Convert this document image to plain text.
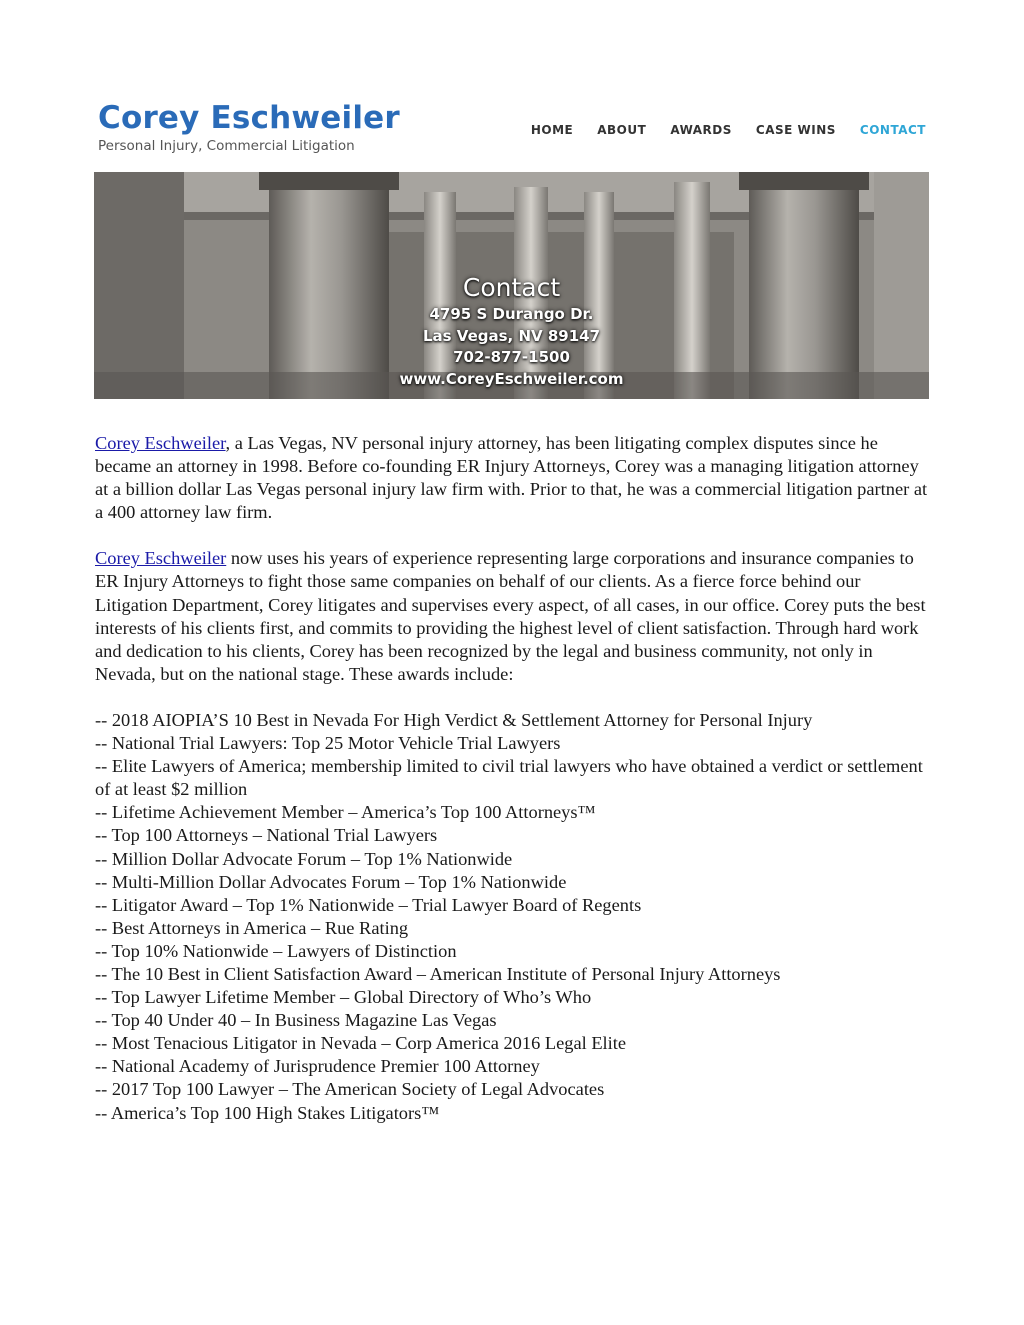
Corey Eschweiler
Personal Injury, Commercial Litigation
HOME ABOUT AWARDS CASE WINS CONTACT
Contact
4795 S Durango Dr.
Las Vegas, NV 89147
702-877-1500
www.CoreyEschweiler.com

Corey Eschweiler, a Las Vegas, NV personal injury attorney, has been litigating complex disputes since he became an attorney in 1998. Before co-founding ER Injury Attorneys, Corey was a managing litigation attorney at a billion dollar Las Vegas personal injury law firm with. Prior to that, he was a commercial litigation partner at a 400 attorney law firm.

Corey Eschweiler now uses his years of experience representing large corporations and insurance companies to ER Injury Attorneys to fight those same companies on behalf of our clients. As a fierce force behind our Litigation Department, Corey litigates and supervises every aspect, of all cases, in our office. Corey puts the best interests of his clients first, and commits to providing the highest level of client satisfaction. Through hard work and dedication to his clients, Corey has been recognized by the legal and business community, not only in Nevada, but on the national stage. These awards include:

-- 2018 AIOPIA’S 10 Best in Nevada For High Verdict & Settlement Attorney for Personal Injury
-- National Trial Lawyers: Top 25 Motor Vehicle Trial Lawyers
-- Elite Lawyers of America; membership limited to civil trial lawyers who have obtained a verdict or settlement of at least $2 million
-- Lifetime Achievement Member – America’s Top 100 Attorneys™
-- Top 100 Attorneys – National Trial Lawyers
-- Million Dollar Advocate Forum – Top 1% Nationwide
-- Multi-Million Dollar Advocates Forum – Top 1% Nationwide
-- Litigator Award – Top 1% Nationwide – Trial Lawyer Board of Regents
-- Best Attorneys in America – Rue Rating
-- Top 10% Nationwide – Lawyers of Distinction
-- The 10 Best in Client Satisfaction Award – American Institute of Personal Injury Attorneys
-- Top Lawyer Lifetime Member – Global Directory of Who’s Who
-- Top 40 Under 40 – In Business Magazine Las Vegas
-- Most Tenacious Litigator in Nevada – Corp America 2016 Legal Elite
-- National Academy of Jurisprudence Premier 100 Attorney
-- 2017 Top 100 Lawyer – The American Society of Legal Advocates
-- America’s Top 100 High Stakes Litigators™
